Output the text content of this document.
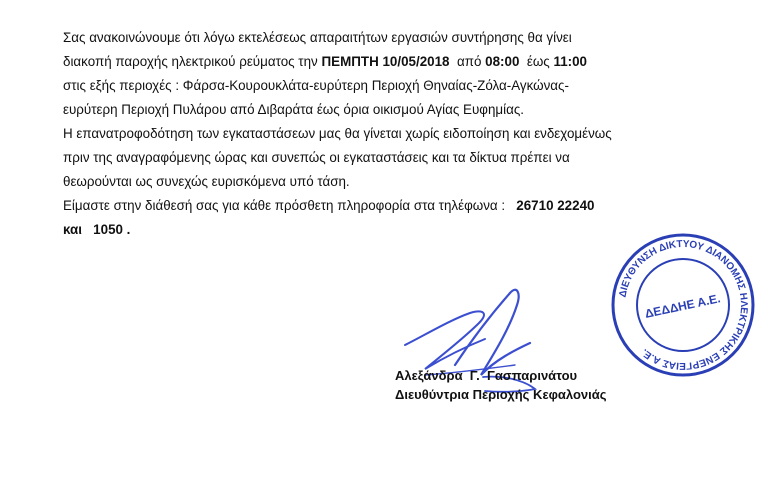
Σας ανακοινώνουμε ότι λόγω εκτελέσεως απαραιτήτων εργασιών συντήρησης θα γίνει
διακοπή παροχής ηλεκτρικού ρεύματος την ΠΕΜΠΤΗ 10/05/2018 από 08:00 έως 11:00
στις εξής περιοχές : Φάρσα-Κουρουκλάτα-ευρύτερη Περιοχή Θηναίας-Ζόλα-Αγκώνας-
ευρύτερη Περιοχή Πυλάρου από Διβαράτα έως όρια οικισμού Αγίας Ευφημίας.
Η επανατροφοδότηση των εγκαταστάσεων μας θα γίνεται χωρίς ειδοποίηση και ενδεχομένως
πριν της αναγραφόμενης ώρας και συνεπώς οι εγκαταστάσεις και τα δίκτυα πρέπει να
θεωρούνται ως συνεχώς ευρισκόμενα υπό τάση.
Είμαστε στην διάθεσή σας για κάθε πρόσθετη πληροφορία στα τηλέφωνα : 26710 22240
και 1050 .
ΔΙΕΥΘΥΝΣΗ ΔΙΚΤΥΟΥ ΔΙΑΝΟΜΗΣ ΗΛΕΚΤΡΙΚΗΣ ΕΝΕΡΓΕΙΑΣ Α.Ε.
ΔΕΔΔΗΕ Α.Ε.
Αλεξάνδρα  Γ.  Γασπαρινάτου
Διευθύντρια Περιοχής Κεφαλονιάς
